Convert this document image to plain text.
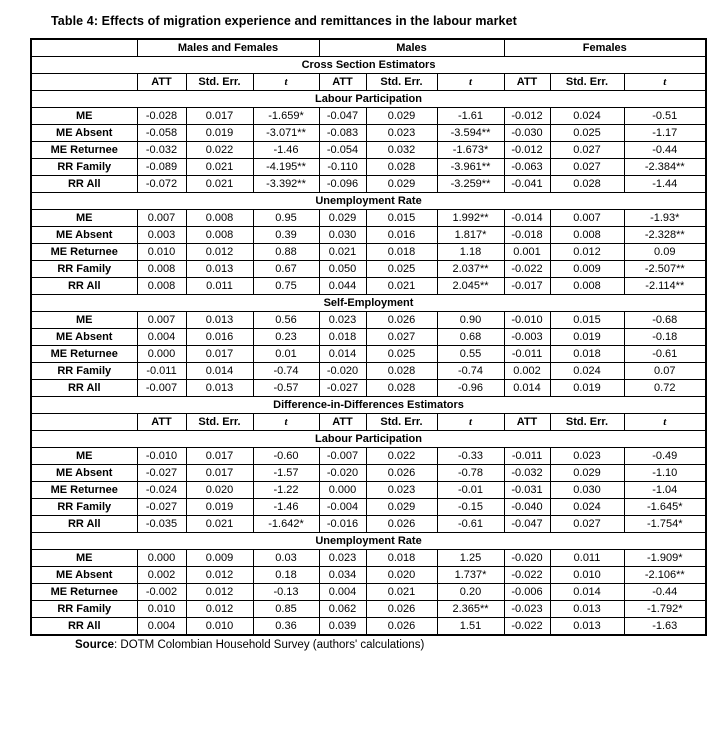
Table 4: Effects of migration experience and remittances in the labour market
	Males and Females			Males			Females		
Cross Section Estimators									
	ATT	Std. Err.	t	ATT	Std. Err.	t	ATT	Std. Err.	t
Labour Participation									
ME	-0.028	0.017	-1.659*	-0.047	0.029	-1.61	-0.012	0.024	-0.51
ME Absent	-0.058	0.019	-3.071**	-0.083	0.023	-3.594**	-0.030	0.025	-1.17
ME Returnee	-0.032	0.022	-1.46	-0.054	0.032	-1.673*	-0.012	0.027	-0.44
RR Family	-0.089	0.021	-4.195**	-0.110	0.028	-3.961**	-0.063	0.027	-2.384**
RR All	-0.072	0.021	-3.392**	-0.096	0.029	-3.259**	-0.041	0.028	-1.44
Unemployment Rate									
ME	0.007	0.008	0.95	0.029	0.015	1.992**	-0.014	0.007	-1.93*
ME Absent	0.003	0.008	0.39	0.030	0.016	1.817*	-0.018	0.008	-2.328**
ME Returnee	0.010	0.012	0.88	0.021	0.018	1.18	0.001	0.012	0.09
RR Family	0.008	0.013	0.67	0.050	0.025	2.037**	-0.022	0.009	-2.507**
RR All	0.008	0.011	0.75	0.044	0.021	2.045**	-0.017	0.008	-2.114**
Self-Employment									
ME	0.007	0.013	0.56	0.023	0.026	0.90	-0.010	0.015	-0.68
ME Absent	0.004	0.016	0.23	0.018	0.027	0.68	-0.003	0.019	-0.18
ME Returnee	0.000	0.017	0.01	0.014	0.025	0.55	-0.011	0.018	-0.61
RR Family	-0.011	0.014	-0.74	-0.020	0.028	-0.74	0.002	0.024	0.07
RR All	-0.007	0.013	-0.57	-0.027	0.028	-0.96	0.014	0.019	0.72
Difference-in-Differences Estimators									
	ATT	Std. Err.	t	ATT	Std. Err.	t	ATT	Std. Err.	t
Labour Participation									
ME	-0.010	0.017	-0.60	-0.007	0.022	-0.33	-0.011	0.023	-0.49
ME Absent	-0.027	0.017	-1.57	-0.020	0.026	-0.78	-0.032	0.029	-1.10
ME Returnee	-0.024	0.020	-1.22	0.000	0.023	-0.01	-0.031	0.030	-1.04
RR Family	-0.027	0.019	-1.46	-0.004	0.029	-0.15	-0.040	0.024	-1.645*
RR All	-0.035	0.021	-1.642*	-0.016	0.026	-0.61	-0.047	0.027	-1.754*
Unemployment Rate									
ME	0.000	0.009	0.03	0.023	0.018	1.25	-0.020	0.011	-1.909*
ME Absent	0.002	0.012	0.18	0.034	0.020	1.737*	-0.022	0.010	-2.106**
ME Returnee	-0.002	0.012	-0.13	0.004	0.021	0.20	-0.006	0.014	-0.44
RR Family	0.010	0.012	0.85	0.062	0.026	2.365**	-0.023	0.013	-1.792*
RR All	0.004	0.010	0.36	0.039	0.026	1.51	-0.022	0.013	-1.63
Source: DOTM Colombian Household Survey (authors' calculations)
